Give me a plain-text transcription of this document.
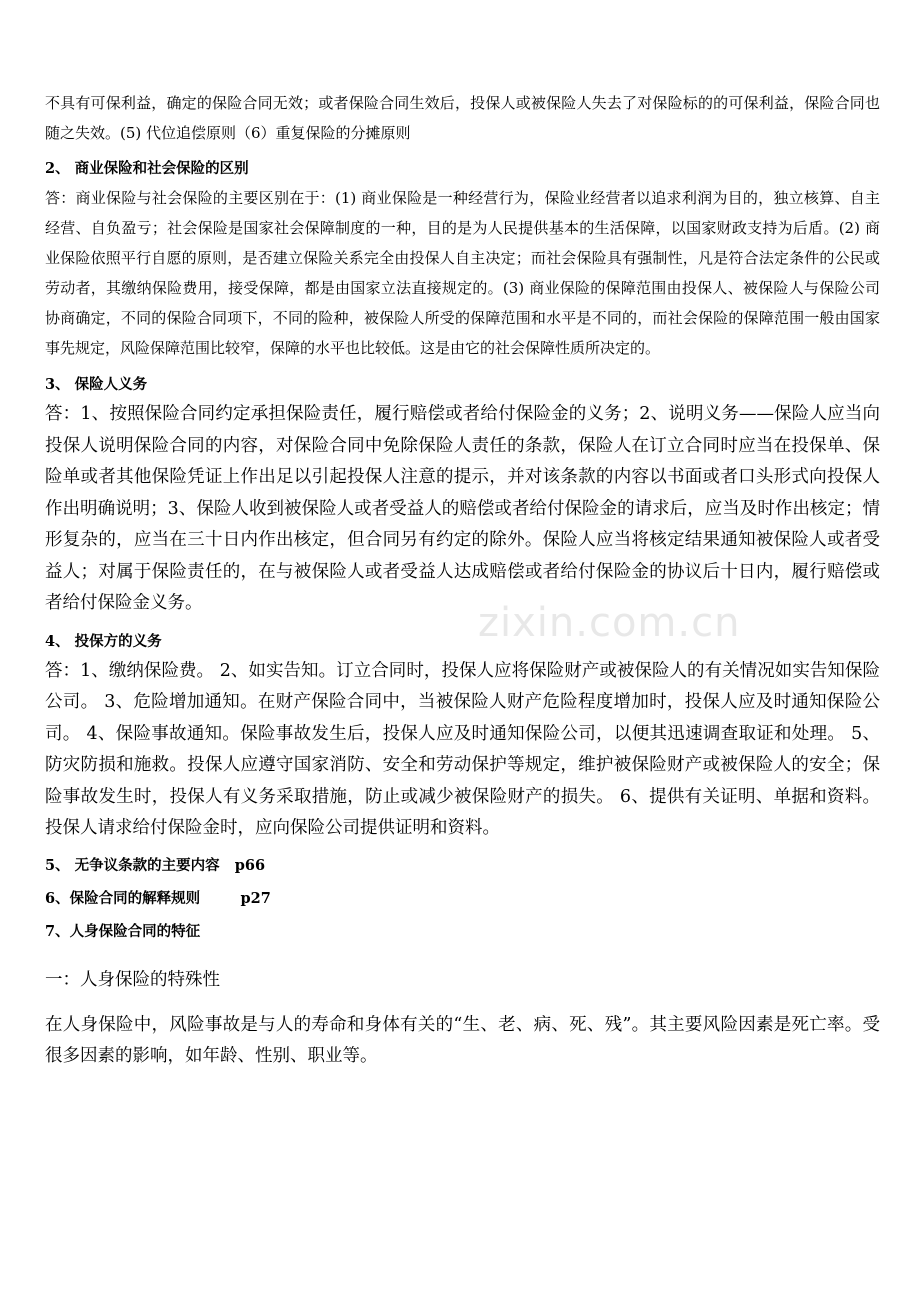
zixin.com.cn

不具有可保利益，确定的保险合同无效；或者保险合同生效后，投保人或被保险人失去了对保险标的的可保利益，保险合同也随之失效。(5) 代位追偿原则（6）重复保险的分摊原则

2、 商业保险和社会保险的区别

答：商业保险与社会保险的主要区别在于：(1) 商业保险是一种经营行为，保险业经营者以追求利润为目的，独立核算、自主经营、自负盈亏；社会保险是国家社会保障制度的一种，目的是为人民提供基本的生活保障，以国家财政支持为后盾。(2) 商业保险依照平行自愿的原则，是否建立保险关系完全由投保人自主决定；而社会保险具有强制性，凡是符合法定条件的公民或劳动者，其缴纳保险费用，接受保障，都是由国家立法直接规定的。(3) 商业保险的保障范围由投保人、被保险人与保险公司协商确定，不同的保险合同项下，不同的险种，被保险人所受的保障范围和水平是不同的，而社会保险的保障范围一般由国家事先规定，风险保障范围比较窄，保障的水平也比较低。这是由它的社会保障性质所决定的。

3、 保险人义务

答：1、按照保险合同约定承担保险责任，履行赔偿或者给付保险金的义务；2、说明义务——保险人应当向投保人说明保险合同的内容，对保险合同中免除保险人责任的条款，保险人在订立合同时应当在投保单、保险单或者其他保险凭证上作出足以引起投保人注意的提示，并对该条款的内容以书面或者口头形式向投保人作出明确说明；3、保险人收到被保险人或者受益人的赔偿或者给付保险金的请求后，应当及时作出核定；情形复杂的，应当在三十日内作出核定，但合同另有约定的除外。保险人应当将核定结果通知被保险人或者受益人；对属于保险责任的，在与被保险人或者受益人达成赔偿或者给付保险金的协议后十日内，履行赔偿或者给付保险金义务。

4、 投保方的义务

答：1、缴纳保险费。 2、如实告知。订立合同时，投保人应将保险财产或被保险人的有关情况如实告知保险公司。 3、危险增加通知。在财产保险合同中，当被保险人财产危险程度增加时，投保人应及时通知保险公司。 4、保险事故通知。保险事故发生后，投保人应及时通知保险公司，以便其迅速调查取证和处理。 5、防灾防损和施救。投保人应遵守国家消防、安全和劳动保护等规定，维护被保险财产或被保险人的安全；保险事故发生时，投保人有义务采取措施，防止或减少被保险财产的损失。 6、提供有关证明、单据和资料。投保人请求给付保险金时，应向保险公司提供证明和资料。

5、 无争议条款的主要内容 p66

6、保险合同的解释规则	p27

7、人身保险合同的特征

一：人身保险的特殊性

在人身保险中，风险事故是与人的寿命和身体有关的“生、老、病、死、残”。其主要风险因素是死亡率。受很多因素的影响，如年龄、性别、职业等。
